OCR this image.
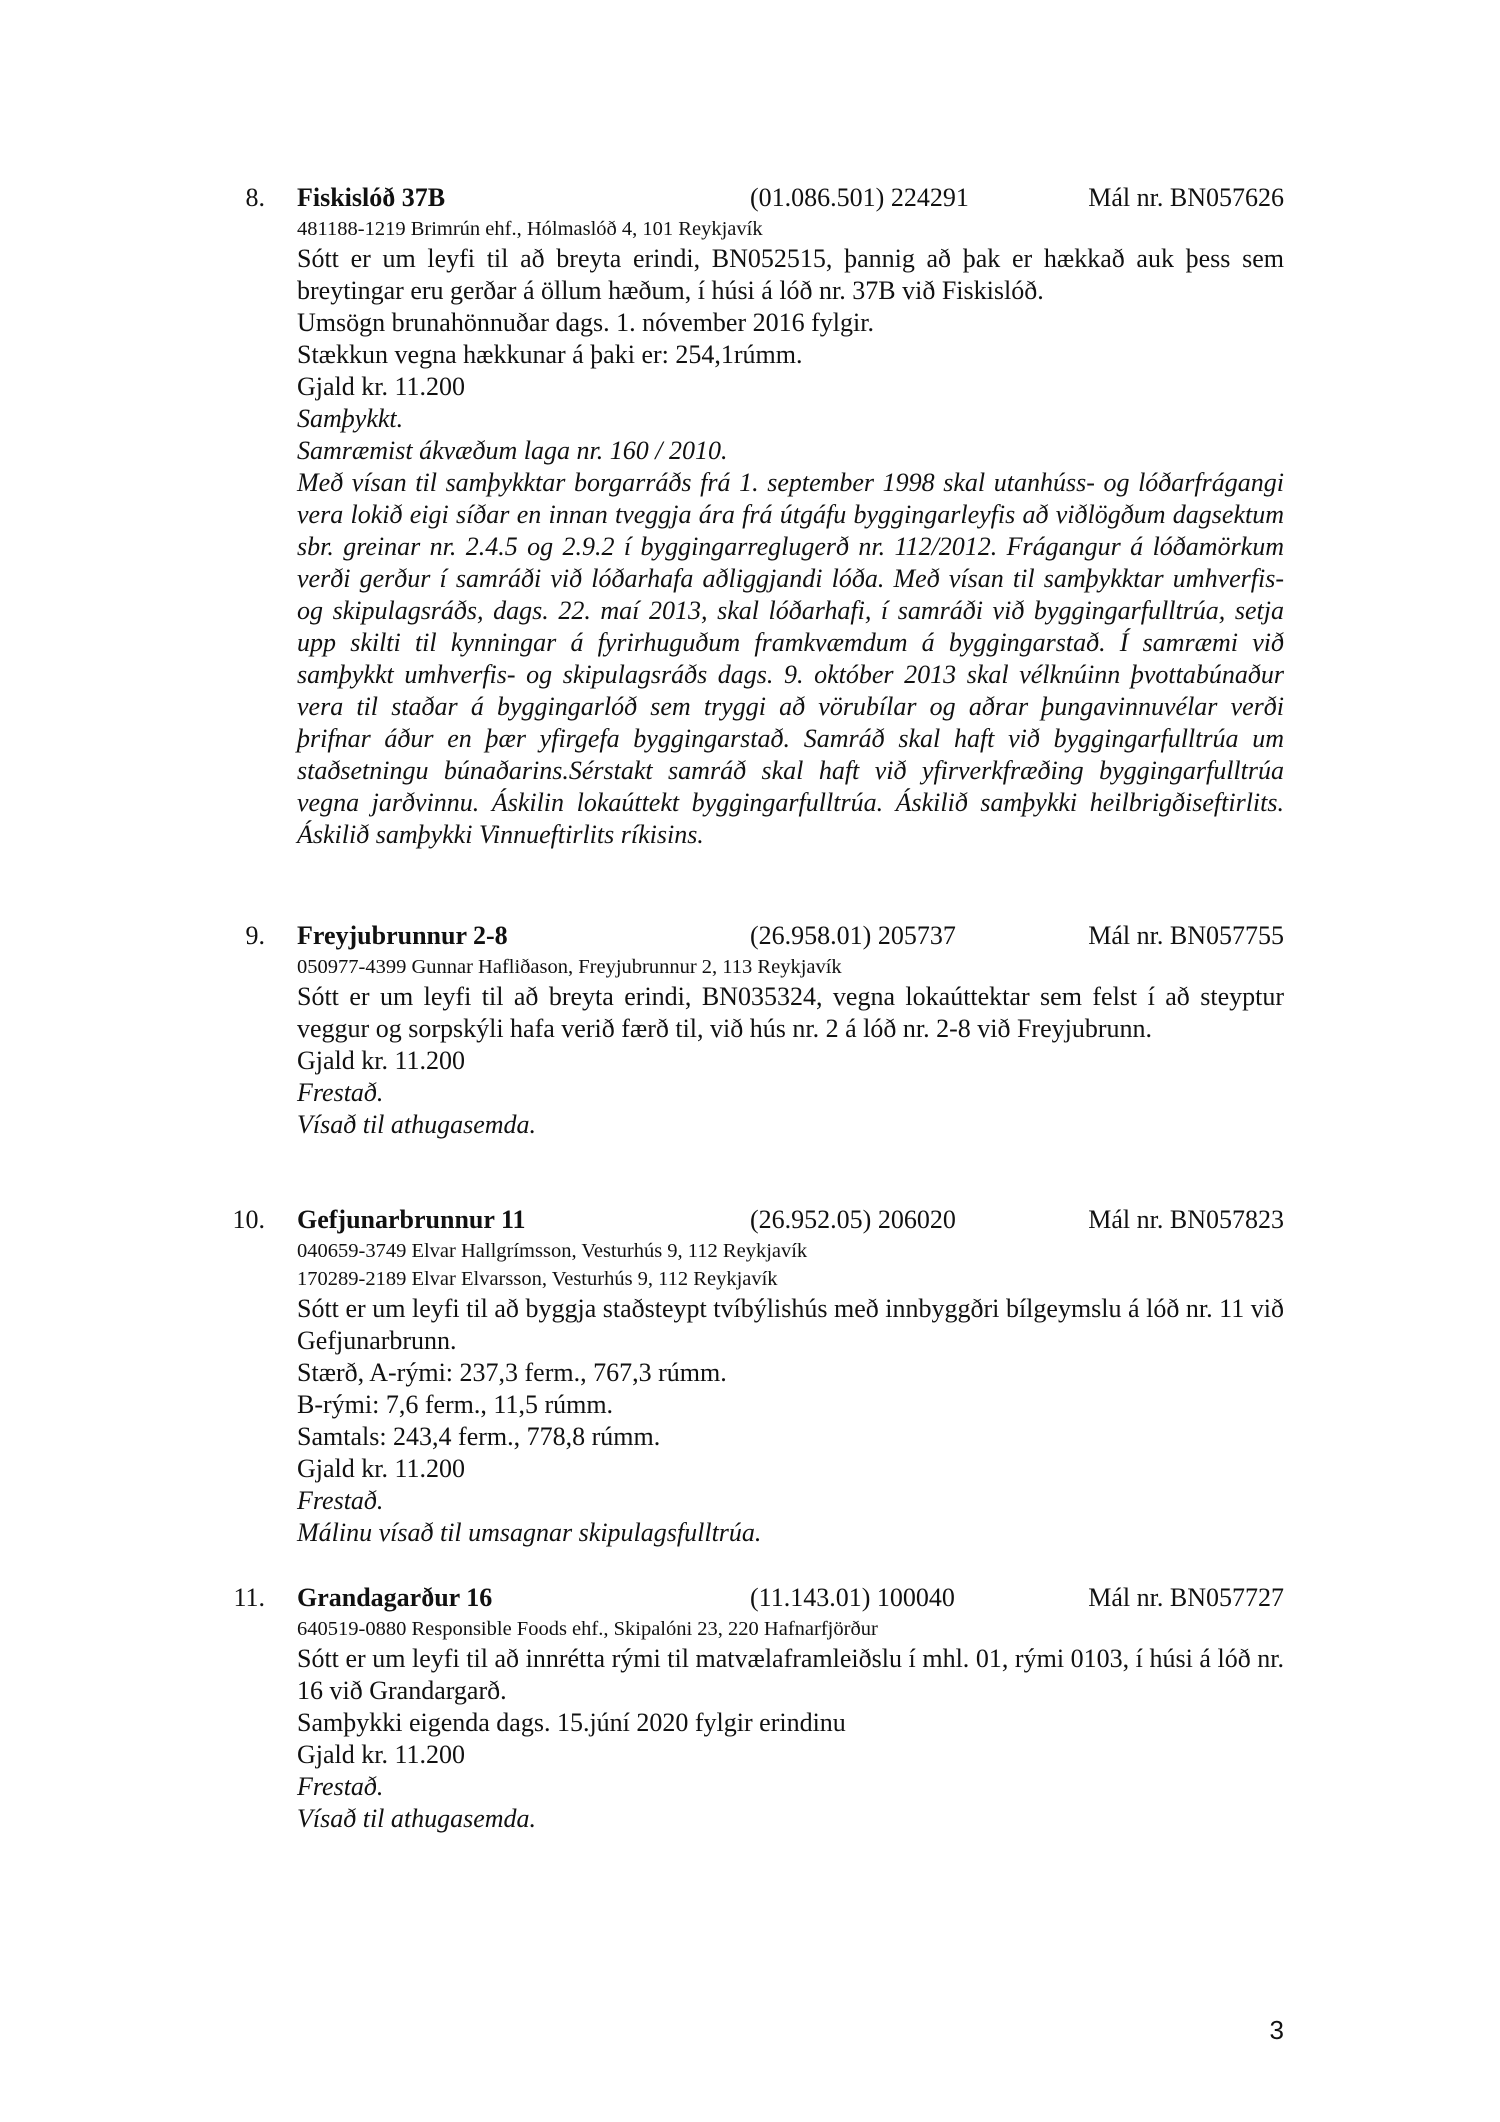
8. Fiskislóð 37B	(01.086.501) 224291	Mál nr. BN057626
481188-1219 Brimrún ehf., Hólmaslóð 4, 101 Reykjavík

Sótt er um leyfi til að breyta erindi, BN052515, þannig að þak er hækkað auk þess sem breytingar eru gerðar á öllum hæðum, í húsi á lóð nr. 37B við Fiskislóð.

Umsögn brunahönnuðar dags. 1. nóvember 2016 fylgir.

Stækkun vegna hækkunar á þaki er: 254,1rúmm.

Gjald kr. 11.200

Samþykkt.

Samræmist ákvæðum laga nr. 160 / 2010.

Með vísan til samþykktar borgarráðs frá 1. september 1998 skal utanhúss- og lóðarfrágangi vera lokið eigi síðar en innan tveggja ára frá útgáfu byggingarleyfis að viðlögðum dagsektum sbr. greinar nr. 2.4.5 og 2.9.2 í byggingarreglugerð nr. 112/2012. Frágangur á lóðamörkum verði gerður í samráði við lóðarhafa aðliggjandi lóða. Með vísan til samþykktar umhverfis- og skipulagsráðs, dags. 22. maí 2013, skal lóðarhafi, í samráði við byggingarfulltrúa, setja upp skilti til kynningar á fyrirhuguðum framkvæmdum á byggingarstað. Í samræmi við samþykkt umhverfis- og skipulagsráðs dags. 9. október 2013 skal vélknúinn þvottabúnaður vera til staðar á byggingarlóð sem tryggi að vörubílar og aðrar þungavinnuvélar verði þrifnar áður en þær yfirgefa byggingarstað. Samráð skal haft við byggingarfulltrúa um staðsetningu búnaðarins.Sérstakt samráð skal haft við yfirverkfræðing byggingarfulltrúa vegna jarðvinnu. Áskilin lokaúttekt byggingarfulltrúa. Áskilið samþykki heilbrigðiseftirlits. Áskilið samþykki Vinnueftirlits ríkisins.

9. Freyjubrunnur 2-8	(26.958.01) 205737	Mál nr. BN057755
050977-4399 Gunnar Hafliðason, Freyjubrunnur 2, 113 Reykjavík

Sótt er um leyfi til að breyta erindi, BN035324, vegna lokaúttektar sem felst í að steyptur veggur og sorpskýli hafa verið færð til, við hús nr. 2 á lóð nr. 2-8 við Freyjubrunn.

Gjald kr. 11.200

Frestað.

Vísað til athugasemda.

10. Gefjunarbrunnur 11	(26.952.05) 206020	Mál nr. BN057823
040659-3749 Elvar Hallgrímsson, Vesturhús 9, 112 Reykjavík
170289-2189 Elvar Elvarsson, Vesturhús 9, 112 Reykjavík

Sótt er um leyfi til að byggja staðsteypt tvíbýlishús með innbyggðri bílgeymslu á lóð nr. 11 við Gefjunarbrunn.

Stærð, A-rými: 237,3 ferm., 767,3 rúmm.

B-rými: 7,6 ferm., 11,5 rúmm.

Samtals: 243,4 ferm., 778,8 rúmm.

Gjald kr. 11.200

Frestað.

Málinu vísað til umsagnar skipulagsfulltrúa.

11. Grandagarður 16	(11.143.01) 100040	Mál nr. BN057727
640519-0880 Responsible Foods ehf., Skipalóni 23, 220 Hafnarfjörður

Sótt er um leyfi til að innrétta rými til matvælaframleiðslu í mhl. 01, rými 0103, í húsi á lóð nr. 16 við Grandargarð.

Samþykki eigenda dags. 15.júní 2020 fylgir erindinu

Gjald kr. 11.200

Frestað.

Vísað til athugasemda.

3
